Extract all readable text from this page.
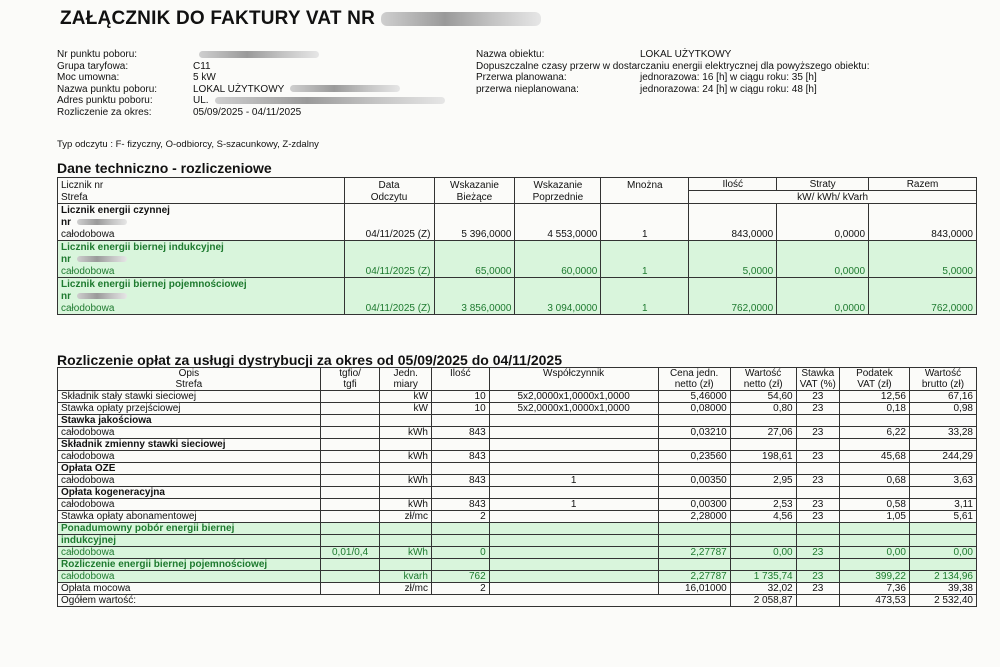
ZAŁĄCZNIK DO FAKTURY VAT NR
Nr punktu poboru:
Grupa taryfowa:	C11
Moc umowna:	5 kW
Nazwa punktu poboru:	LOKAL UŻYTKOWY
Adres punktu poboru:	UL.
Rozliczenie za okres:	05/09/2025 - 04/11/2025
Nazwa obiektu:	LOKAL UŻYTKOWY
Dopuszczalne czasy przerw w dostarczaniu energii elektrycznej dla powyższego obiektu:
Przerwa planowana:	jednorazowa: 16 [h] w ciągu roku: 35 [h]
przerwa nieplanowana:	jednorazowa: 24 [h] w ciągu roku: 48 [h]
Typ odczytu : F- fizyczny, O-odbiorcy, S-szacunkowy, Z-zdalny
Dane techniczno - rozliczeniowe
Licznik nr	Data	Wskazanie	Wskazanie	Mnożna	Ilość	Straty	Razem
Strefa	Odczytu	Bieżące	Poprzednie		kW/ kWh/ kVarh		
Licznik energii czynnej							
nr							
całodobowa	04/11/2025 (Z)	5 396,0000	4 553,0000	1	843,0000	0,0000	843,0000
Licznik energii biernej indukcyjnej							
nr							
całodobowa	04/11/2025 (Z)	65,0000	60,0000	1	5,0000	0,0000	5,0000
Licznik energii biernej pojemnościowej							
nr							
całodobowa	04/11/2025 (Z)	3 856,0000	3 094,0000	1	762,0000	0,0000	762,0000
Rozliczenie opłat za usługi dystrybucji za okres od 05/09/2025 do 04/11/2025
Opis	tgfio/	Jedn.	Ilość	Współczynnik	Cena jedn.	Wartość	Stawka	Podatek	Wartość
Strefa	tgfi	miary			netto (zł)	netto (zł)	VAT (%)	VAT (zł)	brutto (zł)
Składnik stały stawki sieciowej		kW	10	5x2,0000x1,0000x1,0000	5,46000	54,60	23	12,56	67,16
Stawka opłaty przejściowej		kW	10	5x2,0000x1,0000x1,0000	0,08000	0,80	23	0,18	0,98
Stawka jakościowa									
całodobowa		kWh	843		0,03210	27,06	23	6,22	33,28
Składnik zmienny stawki sieciowej									
całodobowa		kWh	843		0,23560	198,61	23	45,68	244,29
Opłata OZE									
całodobowa		kWh	843	1	0,00350	2,95	23	0,68	3,63
Opłata kogeneracyjna									
całodobowa		kWh	843	1	0,00300	2,53	23	0,58	3,11
Stawka opłaty abonamentowej		zł/mc	2		2,28000	4,56	23	1,05	5,61
Ponadumowny pobór energii biernej									
indukcyjnej									
całodobowa	0,01/0,4	kWh	0		2,27787	0,00	23	0,00	0,00
Rozliczenie energii biernej pojemnościowej									
całodobowa		kvarh	762		2,27787	1 735,74	23	399,22	2 134,96
Opłata mocowa		zł/mc	2		16,01000	32,02	23	7,36	39,38
Ogółem wartość:						2 058,87		473,53	2 532,40
